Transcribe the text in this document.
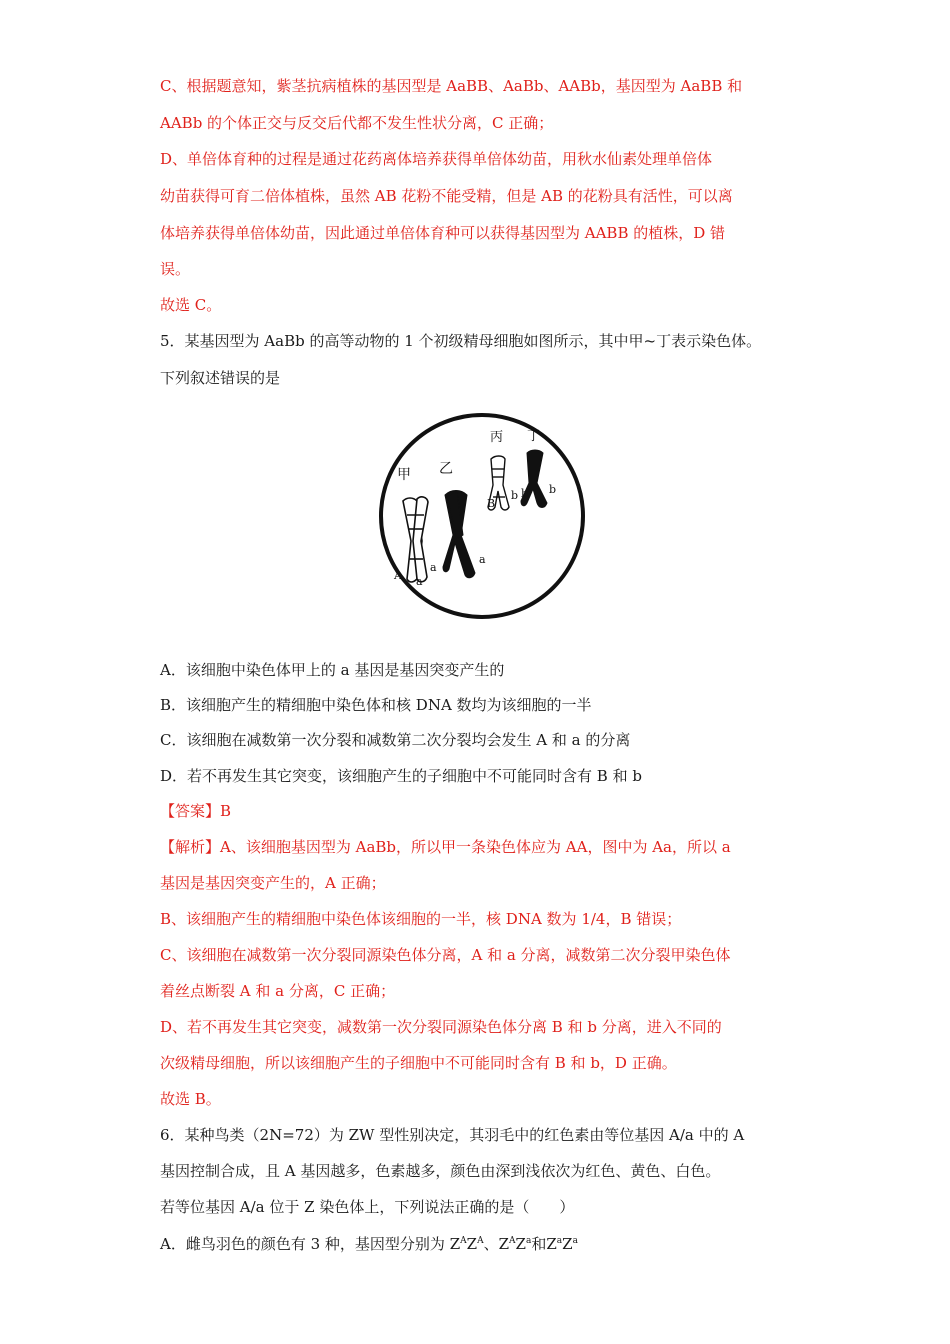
C、根据题意知，紫茎抗病植株的基因型是 AaBB、AaBb、AABb，基因型为 AaBB 和
AABb 的个体正交与反交后代都不发生性状分离，C 正确；
D、单倍体育种的过程是通过花药离体培养获得单倍体幼苗，用秋水仙素处理单倍体
幼苗获得可育二倍体植株，虽然 AB 花粉不能受精，但是 AB 的花粉具有活性，可以离
体培养获得单倍体幼苗，因此通过单倍体育种可以获得基因型为 AABB 的植株，D 错
误。
故选 C。
5．某基因型为 AaBb 的高等动物的 1 个初级精母细胞如图所示，其中甲~丁表示染色体。
下列叙述错误的是
甲 乙
丙 丁
A a
a
a
B
b b b
A．该细胞中染色体甲上的 a 基因是基因突变产生的
B．该细胞产生的精细胞中染色体和核 DNA 数均为该细胞的一半
C．该细胞在减数第一次分裂和减数第二次分裂均会发生 A 和 a 的分离
D．若不再发生其它突变，该细胞产生的子细胞中不可能同时含有 B 和 b
【答案】B
【解析】A、该细胞基因型为 AaBb，所以甲一条染色体应为 AA，图中为 Aa，所以 a
基因是基因突变产生的，A 正确；
B、该细胞产生的精细胞中染色体该细胞的一半，核 DNA 数为 1/4，B 错误；
C、该细胞在减数第一次分裂同源染色体分离，A 和 a 分离，减数第二次分裂甲染色体
着丝点断裂 A 和 a 分离，C 正确；
D、若不再发生其它突变，减数第一次分裂同源染色体分离 B 和 b 分离，进入不同的
次级精母细胞，所以该细胞产生的子细胞中不可能同时含有 B 和 b，D 正确。
故选 B。
6．某种鸟类（2N=72）为 ZW 型性别决定，其羽毛中的红色素由等位基因 A/a 中的 A
基因控制合成，且 A 基因越多，色素越多，颜色由深到浅依次为红色、黄色、白色。
若等位基因 A/a 位于 Z 染色体上，下列说法正确的是（　　）
A．雌鸟羽色的颜色有 3 种，基因型分别为 $Z^AZ^A$、$Z^AZ^a$和$Z^aZ^a$
